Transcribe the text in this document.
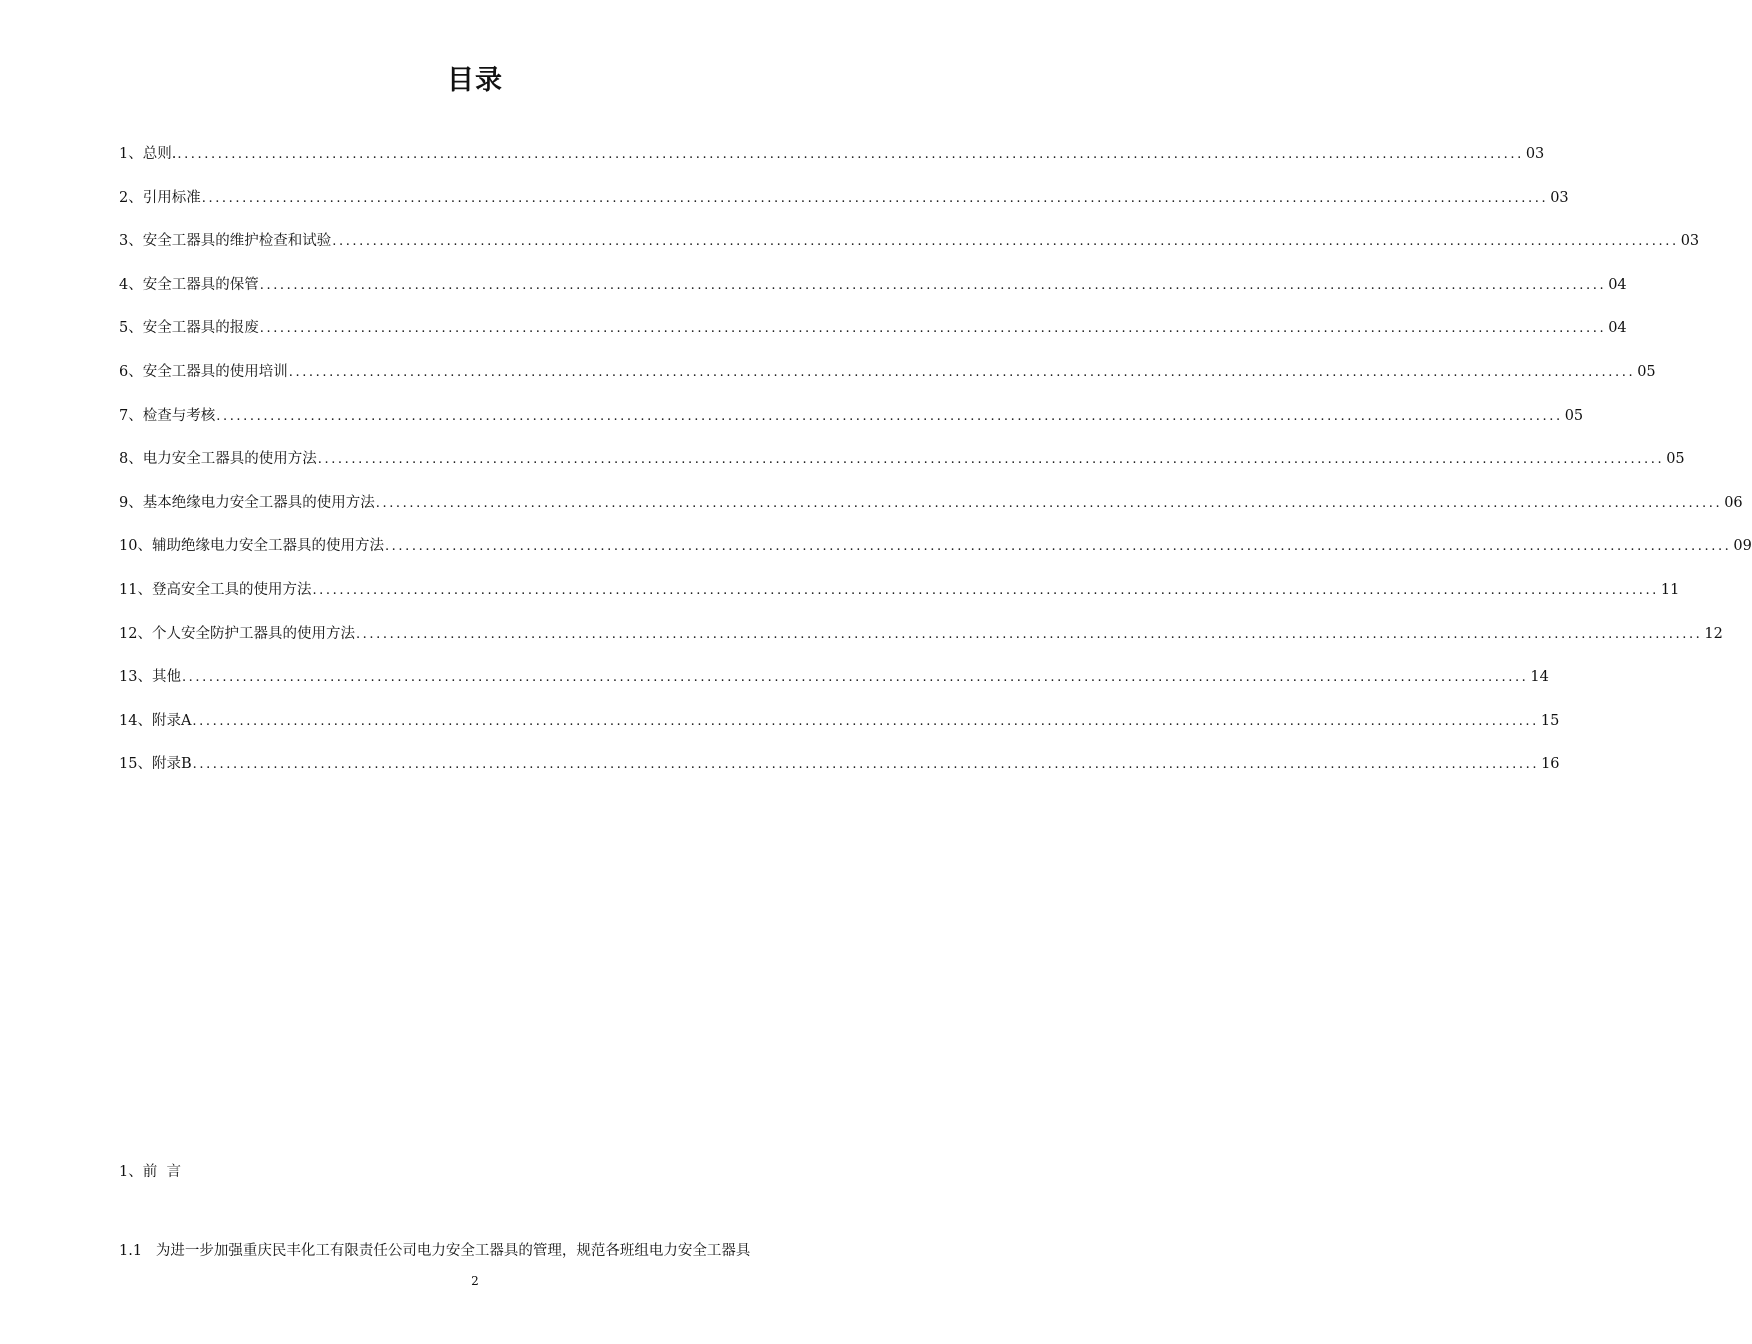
目录
1、总则. ........................................................................................................................................................................................................ 03
2、引用标准 ........................................................................................................................................................................................................ 03
3、安全工器具的维护检查和试验 ........................................................................................................................................................................................................ 03
4、安全工器具的保管 ........................................................................................................................................................................................................ 04
5、安全工器具的报废 ........................................................................................................................................................................................................ 04
6、安全工器具的使用培训 ........................................................................................................................................................................................................ 05
7、检查与考核 ........................................................................................................................................................................................................ 05
8、电力安全工器具的使用方法 ........................................................................................................................................................................................................ 05
9、基本绝缘电力安全工器具的使用方法 ........................................................................................................................................................................................................ 06
10、辅助绝缘电力安全工器具的使用方法 ........................................................................................................................................................................................................ 09
11、登高安全工具的使用方法 ........................................................................................................................................................................................................ 11
12、个人安全防护工器具的使用方法 ........................................................................................................................................................................................................ 12
13、其他 ........................................................................................................................................................................................................ 14
14、附录A ........................................................................................................................................................................................................ 15
15、附录B ........................................................................................................................................................................................................ 16
1、前  言
1.1   为进一步加强重庆民丰化工有限责任公司电力安全工器具的管理，规范各班组电力安全工器具
2
